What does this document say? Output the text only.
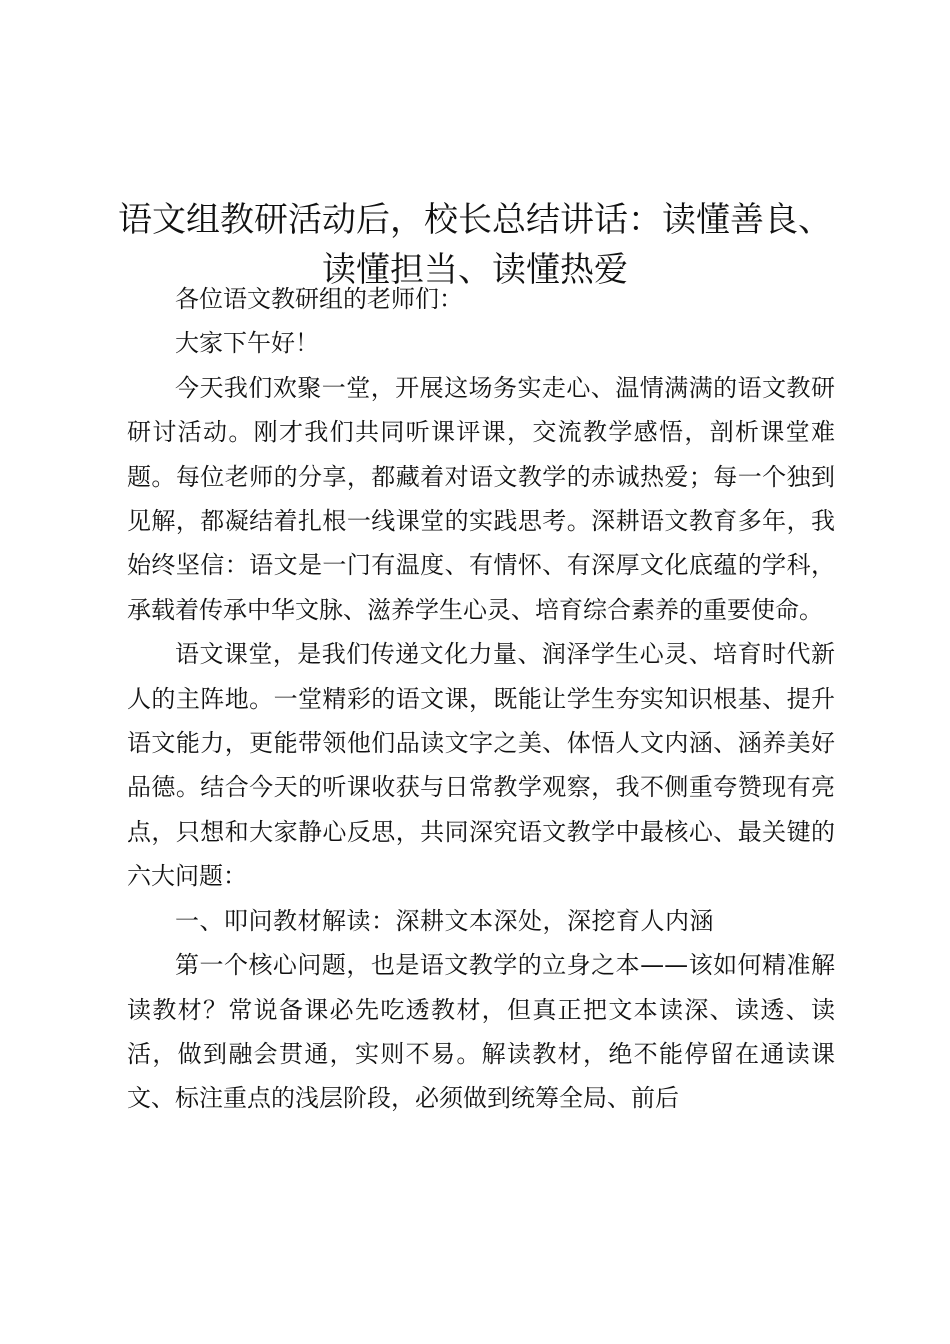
语文组教研活动后，校长总结讲话：读懂善良、
读懂担当、读懂热爱

各位语文教研组的老师们：

大家下午好！

今天我们欢聚一堂，开展这场务实走心、温情满满的语文教研研讨活动。刚才我们共同听课评课，交流教学感悟，剖析课堂难题。每位老师的分享，都藏着对语文教学的赤诚热爱；每一个独到见解，都凝结着扎根一线课堂的实践思考。深耕语文教育多年，我始终坚信：语文是一门有温度、有情怀、有深厚文化底蕴的学科，承载着传承中华文脉、滋养学生心灵、培育综合素养的重要使命。

语文课堂，是我们传递文化力量、润泽学生心灵、培育时代新人的主阵地。一堂精彩的语文课，既能让学生夯实知识根基、提升语文能力，更能带领他们品读文字之美、体悟人文内涵、涵养美好品德。结合今天的听课收获与日常教学观察，我不侧重夸赞现有亮点，只想和大家静心反思，共同深究语文教学中最核心、最关键的六大问题：

一、叩问教材解读：深耕文本深处，深挖育人内涵

第一个核心问题，也是语文教学的立身之本——该如何精准解读教材？常说备课必先吃透教材，但真正把文本读深、读透、读活，做到融会贯通，实则不易。解读教材，绝不能停留在通读课文、标注重点的浅层阶段，必须做到统筹全局、前后
